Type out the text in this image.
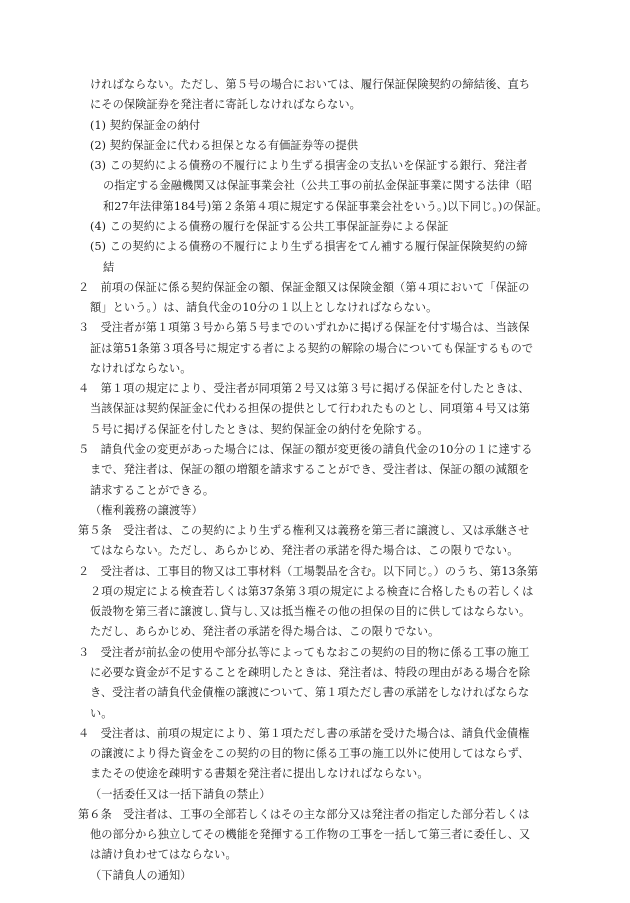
ければならない。ただし、第５号の場合においては、履行保証保険契約の締結後、直ち
にその保険証券を発注者に寄託しなければならない。
(1) 契約保証金の納付
(2) 契約保証金に代わる担保となる有価証券等の提供
(3) この契約による債務の不履行により生ずる損害金の支払いを保証する銀行、発注者
の指定する金融機関又は保証事業会社（公共工事の前払金保証事業に関する法律（昭
和27年法律第184号)第２条第４項に規定する保証事業会社をいう。)以下同じ。)の保証。
(4) この契約による債務の履行を保証する公共工事保証証券による保証
(5) この契約による債務の不履行により生ずる損害をてん補する履行保証保険契約の締
結
２　前項の保証に係る契約保証金の額、保証金額又は保険金額（第４項において「保証の
額」という。）は、請負代金の10分の１以上としなければならない。
３　受注者が第１項第３号から第５号までのいずれかに掲げる保証を付す場合は、当該保
証は第51条第３項各号に規定する者による契約の解除の場合についても保証するもので
なければならない。
４　第１項の規定により、受注者が同項第２号又は第３号に掲げる保証を付したときは、
当該保証は契約保証金に代わる担保の提供として行われたものとし、同項第４号又は第
５号に掲げる保証を付したときは、契約保証金の納付を免除する。
５　請負代金の変更があった場合には、保証の額が変更後の請負代金の10分の１に達する
まで、発注者は、保証の額の増額を請求することができ、受注者は、保証の額の減額を
請求することができる。
（権利義務の譲渡等）
第５条　受注者は、この契約により生ずる権利又は義務を第三者に譲渡し、又は承継させ
てはならない。ただし、あらかじめ、発注者の承諾を得た場合は、この限りでない。
２　受注者は、工事目的物又は工事材料（工場製品を含む。以下同じ。）のうち、第13条第
２項の規定による検査若しくは第37条第３項の規定による検査に合格したもの若しくは
仮設物を第三者に譲渡し､貸与し､又は抵当権その他の担保の目的に供してはならない。
ただし、あらかじめ、発注者の承諾を得た場合は、この限りでない。
３　受注者が前払金の使用や部分払等によってもなおこの契約の目的物に係る工事の施工
に必要な資金が不足することを疎明したときは、発注者は、特段の理由がある場合を除
き、受注者の請負代金債権の譲渡について、第１項ただし書の承諾をしなければならな
い。
４　受注者は、前項の規定により、第１項ただし書の承諾を受けた場合は、請負代金債権
の譲渡により得た資金をこの契約の目的物に係る工事の施工以外に使用してはならず、
またその使途を疎明する書類を発注者に提出しなければならない。
（一括委任又は一括下請負の禁止）
第６条　受注者は、工事の全部若しくはその主な部分又は発注者の指定した部分若しくは
他の部分から独立してその機能を発揮する工作物の工事を一括して第三者に委任し、又
は請け負わせてはならない。
（下請負人の通知）
